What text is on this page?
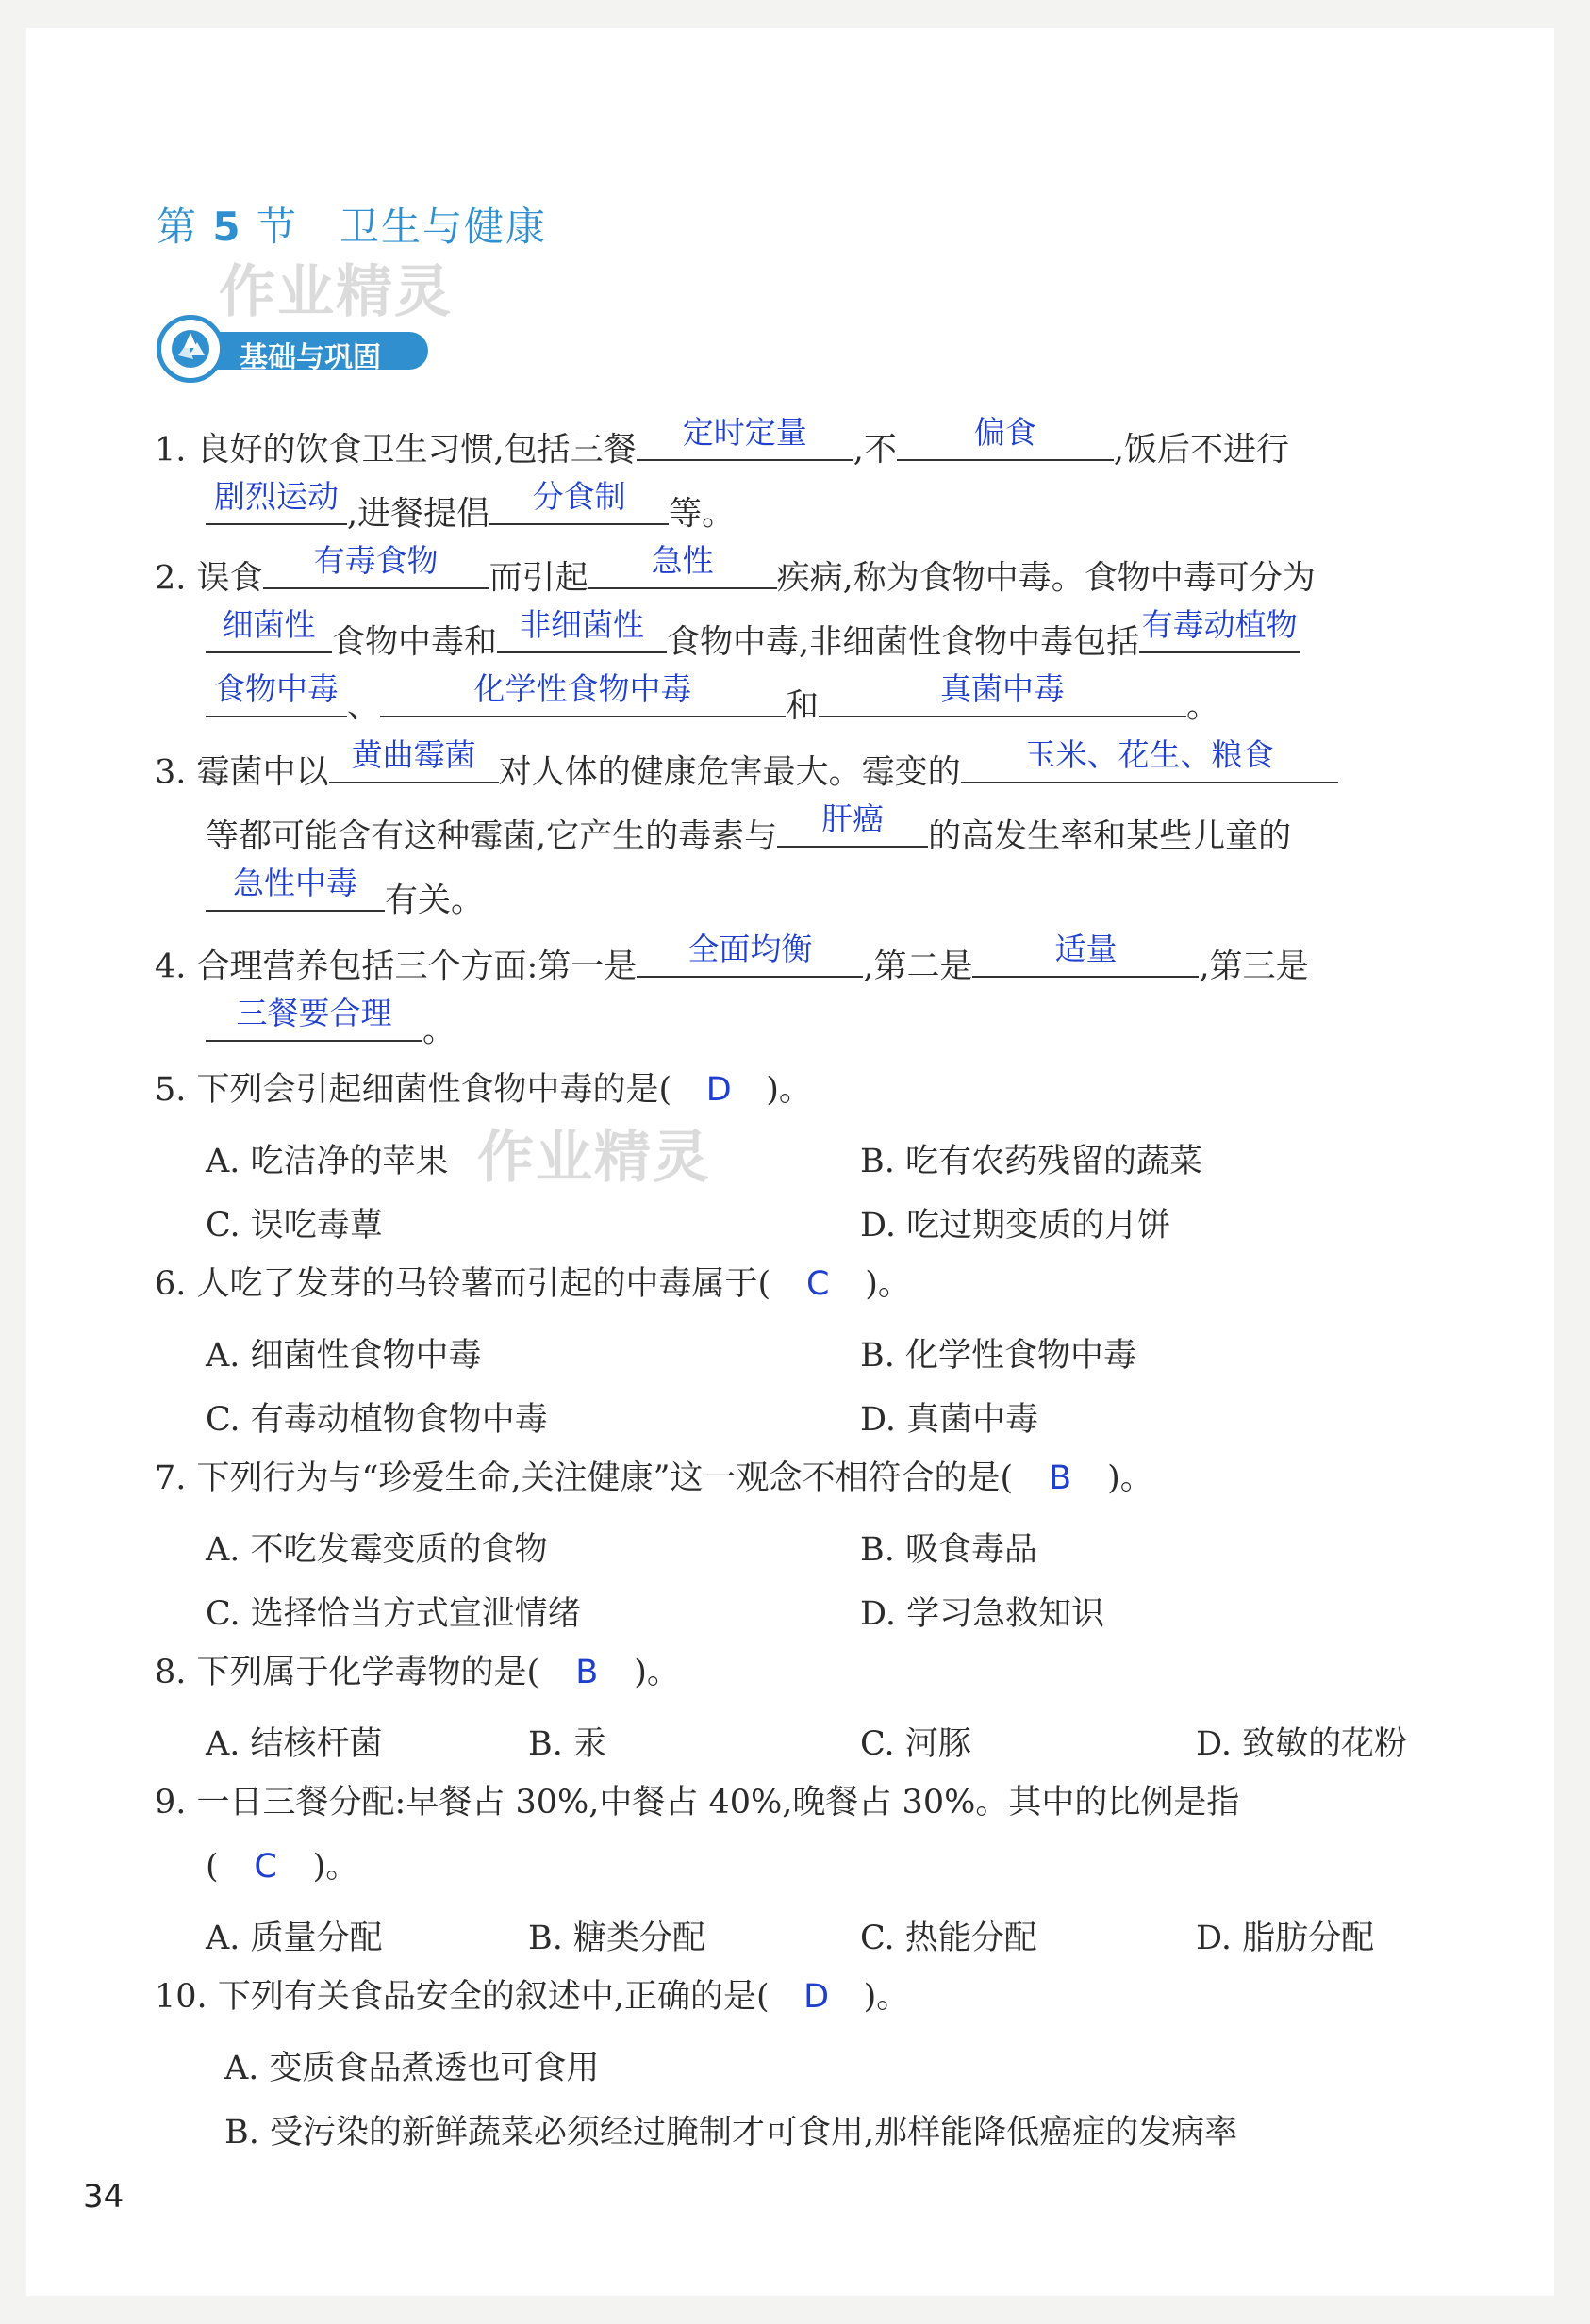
第 5 节 卫生与健康
作业精灵
作业精灵
基础与巩固
1. 良好的饮食卫生习惯,包括三餐	定时定量	,不	偏食	,饭后不进行
剧烈运动 ,进餐提倡	分食制	等。
2. 误食	有毒食物	而引起	急性	疾病,称为食物中毒。食物中毒可分为
细菌性 食物中毒和 非细菌性 食物中毒,非细菌性食物中毒包括 有毒动植物
食物中毒 、	化学性食物中毒	和	真菌中毒	。
3. 霉菌中以 黄曲霉菌 对人体的健康危害最大。霉变的	玉米、花生、粮食
等都可能含有这种霉菌,它产生的毒素与	肝癌	的高发生率和某些儿童的
急性中毒 有关。
4. 合理营养包括三个方面:第一是	全面均衡	,第二是	适量	,第三是
三餐要合理 。
5. 下列会引起细菌性食物中毒的是( D )。
A. 吃洁净的苹果	B. 吃有农药残留的蔬菜
C. 误吃毒蕈	D. 吃过期变质的月饼
6. 人吃了发芽的马铃薯而引起的中毒属于( C )。
A. 细菌性食物中毒	B. 化学性食物中毒
C. 有毒动植物食物中毒	D. 真菌中毒
7. 下列行为与“珍爱生命,关注健康”这一观念不相符合的是( B )。
A. 不吃发霉变质的食物	B. 吸食毒品
C. 选择恰当方式宣泄情绪	D. 学习急救知识
8. 下列属于化学毒物的是( B )。
A. 结核杆菌	B. 汞	C. 河豚	D. 致敏的花粉
9. 一日三餐分配:早餐占 30%,中餐占 40%,晚餐占 30%。其中的比例是指
( C )。
A. 质量分配	B. 糖类分配	C. 热能分配	D. 脂肪分配
10. 下列有关食品安全的叙述中,正确的是( D )。
A. 变质食品煮透也可食用
B. 受污染的新鲜蔬菜必须经过腌制才可食用,那样能降低癌症的发病率
34
